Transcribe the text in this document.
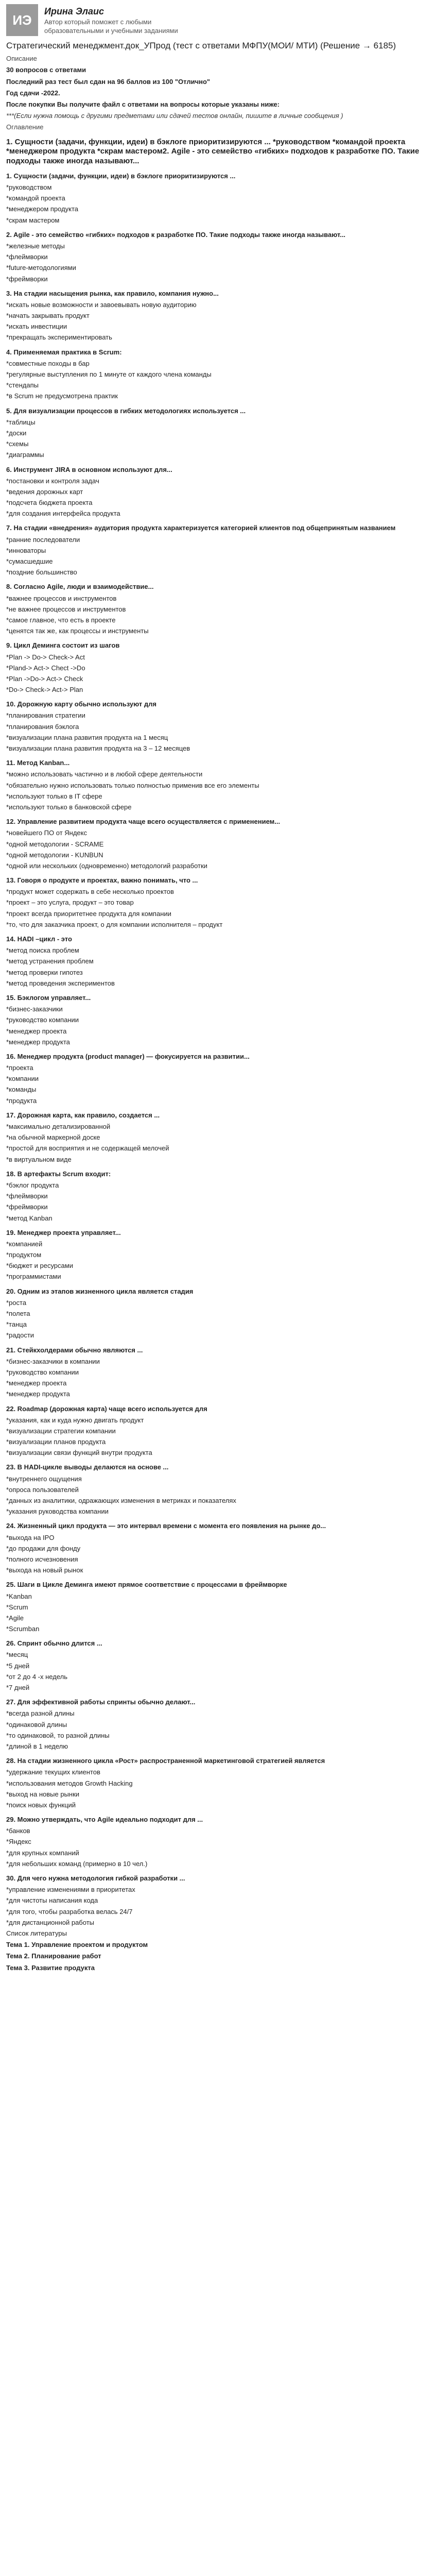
ИЭ
Ирина Элаис
Автор который поможет с любыми образовательными и учебными заданиями
Стратегический менеджмент.док_УПрод (тест с ответами МФПУ(МОИ/ МТИ) (Решение → 6185)
Описание
30 вопросов с ответами
Последний раз тест был сдан на 96 баллов из 100 "Отлично"
Год сдачи -2022.
После покупки Вы получите файл с ответами на вопросы которые указаны ниже:
***(Если нужна помощь с другими предметами или сдачей тестов онлайн, пишите в личные сообщения )
Оглавление
1. Сущности (задачи, функции, идеи) в бэклоге приоритизируются ... *руководством *командой проекта *менеджером продукта *скрам мастером2. Agile - это семейство «гибких» подходов к разработке ПО. Такие подходы также иногда называют...
1. Сущности (задачи, функции, идеи) в бэклоге приоритизируются ...
*руководством
*командой проекта
*менеджером продукта
*скрам мастером
2. Agile - это семейство «гибких» подходов к разработке ПО. Такие подходы также иногда называют...
*железные методы
*флеймворки
*future-методологиями
*фреймворки
3. На стадии насыщения рынка, как правило, компания нужно...
*искать новые возможности и завоевывать новую аудиторию
*начать закрывать продукт
*искать инвестиции
*прекращать экспериментировать
4. Применяемая практика в Scrum:
*совместные походы в бар
*регулярные выступления по 1 минуте от каждого члена команды
*стендапы
*в Scrum не предусмотрена практик
5. Для визуализации процессов в гибких методологиях используется ...
*таблицы
*доски
*схемы
*диаграммы
6. Инструмент JIRA в основном используют для...
*постановки и контроля задач
*ведения дорожных карт
*подсчета бюджета проекта
*для создания интерфейса продукта
7. На стадии «внедрения» аудитория продукта характеризуется категорией клиентов под общепринятым названием
*ранние последователи
*инноваторы
*сумасшедшие
*поздние большинство
8. Согласно Agile, люди и взаимодействие...
*важнее процессов и инструментов
*не важнее процессов и инструментов
*самое главное, что есть в проекте
*ценятся так же, как процессы и инструменты
9. Цикл Деминга состоит из шагов
*Plan -> Do-> Check-> Act
*Pland-> Act-> Chect ->Do
*Plan ->Do-> Act-> Check
*Do-> Check-> Act-> Plan
10. Дорожную карту обычно используют для
*планирования стратегии
*планирования бэклога
*визуализации плана развития продукта на 1 месяц
*визуализации плана развития продукта на 3 – 12 месяцев
11. Метод Kanban...
*можно использовать частично и в любой сфере деятельности
*обязательно нужно использовать только полностью применив все его элементы
*используют только в IT сфере
*используют только в банковской сфере
12. Управление развитием продукта чаще всего осуществляется с применением...
*новейшего ПО от Яндекс
*одной методологии - SCRAME
*одной методологии - KUNBUN
*одной или нескольких (одновременно) методологий разработки
13. Говоря о продукте и проектах, важно понимать, что ...
*продукт может содержать в себе несколько проектов
*проект – это услуга, продукт – это товар
*проект всегда приоритетнее продукта для компании
*то, что для заказчика проект, о для компании исполнителя – продукт
14. HADI –цикл - это
*метод поиска проблем
*метод устранения проблем
*метод проверки гипотез
*метод проведения экспериментов
15. Бэклогом управляет...
*бизнес-заказчики
*руководство компании
*менеджер проекта
*менеджер продукта
16. Менеджер продукта (product manager) — фокусируется на развитии...
*проекта
*компании
*команды
*продукта
17. Дорожная карта, как правило, создается ...
*максимально детализированной
*на обычной маркерной доске
*простой для восприятия и не содержащей мелочей
*в виртуальном виде
18. В артефакты Scrum входит:
*бэклог продукта
*флеймворки
*фреймворки
*метод Kanban
19. Менеджер проекта управляет...
*компанией
*продуктом
*бюджет и ресурсами
*программистами
20. Одним из этапов жизненного цикла является стадия
*роста
*полета
*танца
*радости
21. Стейкхолдерами обычно являются ...
*бизнес-заказчики в компании
*руководство компании
*менеджер проекта
*менеджер продукта
22. Roadmap (дорожная карта) чаще всего используется для
*указания, как и куда нужно двигать продукт
*визуализации стратегии компании
*визуализации планов продукта
*визуализации связи функций внутри продукта
23. В HADI-цикле выводы делаются на основе ...
*внутреннего ощущения
*опроса пользователей
*данных из аналитики, одражающих изменения в метриках и показателях
*указания руководства компании
24. Жизненный цикл продукта — это интервал времени с момента его появления на рынке до...
*выхода на IPO
*до продажи для фонду
*полного исчезновения
*выхода на новый рынок
25. Шаги в Цикле Деминга имеют прямое соответствие с процессами в фреймворке
*Kanban
*Scrum
*Agile
*Scrumban
26. Спринт обычно длится ...
*месяц
*5 дней
*от 2 до 4 -х недель
*7 дней
27. Для эффективной работы спринты обычно делают...
*всегда разной длины
*одинаковой длины
*то одинаковой, то разной длины
*длиной в 1 неделю
28. На стадии жизненного цикла «Рост» распространенной маркетинговой стратегией является
*удержание текущих клиентов
*использования методов Growth Hacking
*выход на новые рынки
*поиск новых функций
29. Можно утверждать, что Agile идеально подходит для ...
*банков
*Яндекс
*для крупных компаний
*для небольших команд (примерно в 10 чел.)
30. Для чего нужна методология гибкой разработки ...
*управление изменениями в приоритетах
*для чистоты написания кода
*для того, чтобы разработка велась 24/7
*для дистанционной работы
Список литературы
Тема 1. Управление проектом и продуктом
Тема 2. Планирование работ
Тема 3. Развитие продукта
